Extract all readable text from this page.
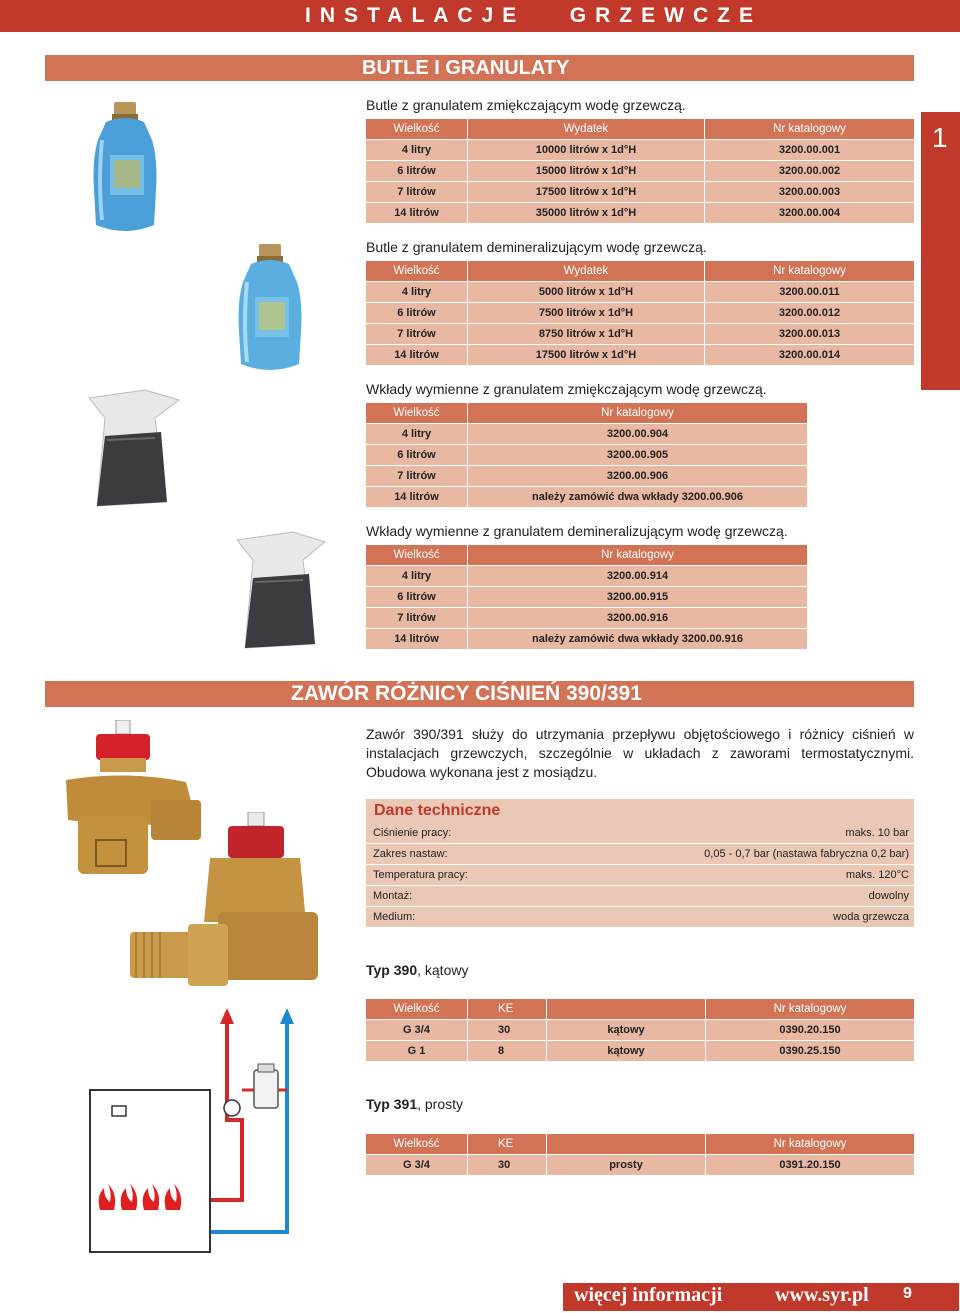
INSTALACJE   GRZEWCZE
1
BUTLE I GRANULATY
Butle z granulatem zmiękczającym wodę grzewczą.
Wielkość	Wydatek	Nr katalogowy
4 litry	10000 litrów x 1d°H	3200.00.001
6 litrów	15000 litrów x 1d°H	3200.00.002
7 litrów	17500 litrów x 1d°H	3200.00.003
14 litrów	35000 litrów x 1d°H	3200.00.004
Butle z granulatem demineralizującym wodę grzewczą.
Wielkość	Wydatek	Nr katalogowy
4 litry	5000 litrów x 1d°H	3200.00.011
6 litrów	7500 litrów x 1d°H	3200.00.012
7 litrów	8750 litrów x 1d°H	3200.00.013
14 litrów	17500 litrów x 1d°H	3200.00.014
Wkłady wymienne z granulatem zmiękczającym wodę grzewczą.
Wielkość	Nr katalogowy
4 litry	3200.00.904
6 litrów	3200.00.905
7 litrów	3200.00.906
14 litrów	należy zamówić dwa wkłady 3200.00.906
Wkłady wymienne z granulatem demineralizującym wodę grzewczą.
Wielkość	Nr katalogowy
4 litry	3200.00.914
6 litrów	3200.00.915
7 litrów	3200.00.916
14 litrów	należy zamówić dwa wkłady 3200.00.916
ZAWÓR RÓŻNICY CIŚNIEŃ 390/391
Zawór 390/391 służy do utrzymania przepływu objętościowego i różnicy ciśnień w instalacjach grzewczych, szczególnie w układach z zaworami termostatycznymi. Obudowa wykonana jest z mosiądzu.
Dane techniczne
Ciśnienie pracy:	maks. 10 bar
Zakres nastaw:	0,05 - 0,7 bar (nastawa fabryczna 0,2 bar)
Temperatura pracy:	maks. 120°C
Montaż:	dowolny
Medium:	woda grzewcza
Typ 390, kątowy
Wielkość	KE		Nr katalogowy
G 3/4	30	kątowy	0390.20.150
G 1	8	kątowy	0390.25.150
Typ 391, prosty
Wielkość	KE		Nr katalogowy
G 3/4	30	prosty	0391.20.150
więcej informacji	www.syr.pl 9
